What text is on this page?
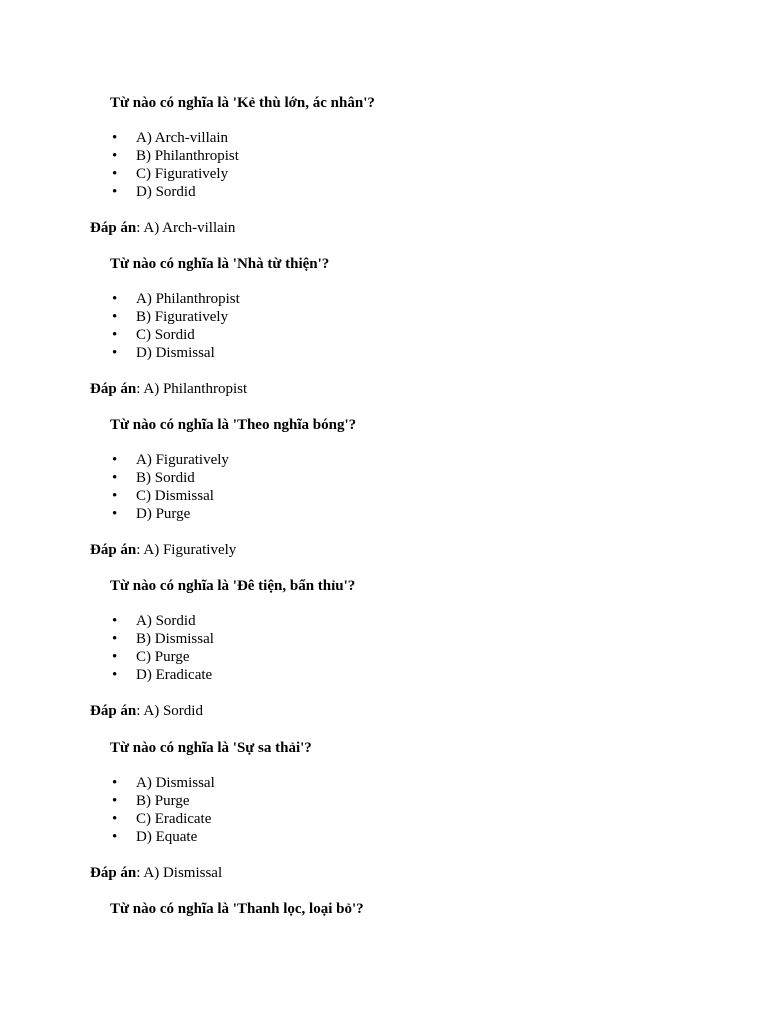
Từ nào có nghĩa là 'Kẻ thù lớn, ác nhân'?

• A) Arch-villain
• B) Philanthropist
• C) Figuratively
• D) Sordid

Đáp án: A) Arch-villain

Từ nào có nghĩa là 'Nhà từ thiện'?

• A) Philanthropist
• B) Figuratively
• C) Sordid
• D) Dismissal

Đáp án: A) Philanthropist

Từ nào có nghĩa là 'Theo nghĩa bóng'?

• A) Figuratively
• B) Sordid
• C) Dismissal
• D) Purge

Đáp án: A) Figuratively

Từ nào có nghĩa là 'Đê tiện, bẩn thỉu'?

• A) Sordid
• B) Dismissal
• C) Purge
• D) Eradicate

Đáp án: A) Sordid

Từ nào có nghĩa là 'Sự sa thải'?

• A) Dismissal
• B) Purge
• C) Eradicate
• D) Equate

Đáp án: A) Dismissal

Từ nào có nghĩa là 'Thanh lọc, loại bỏ'?
